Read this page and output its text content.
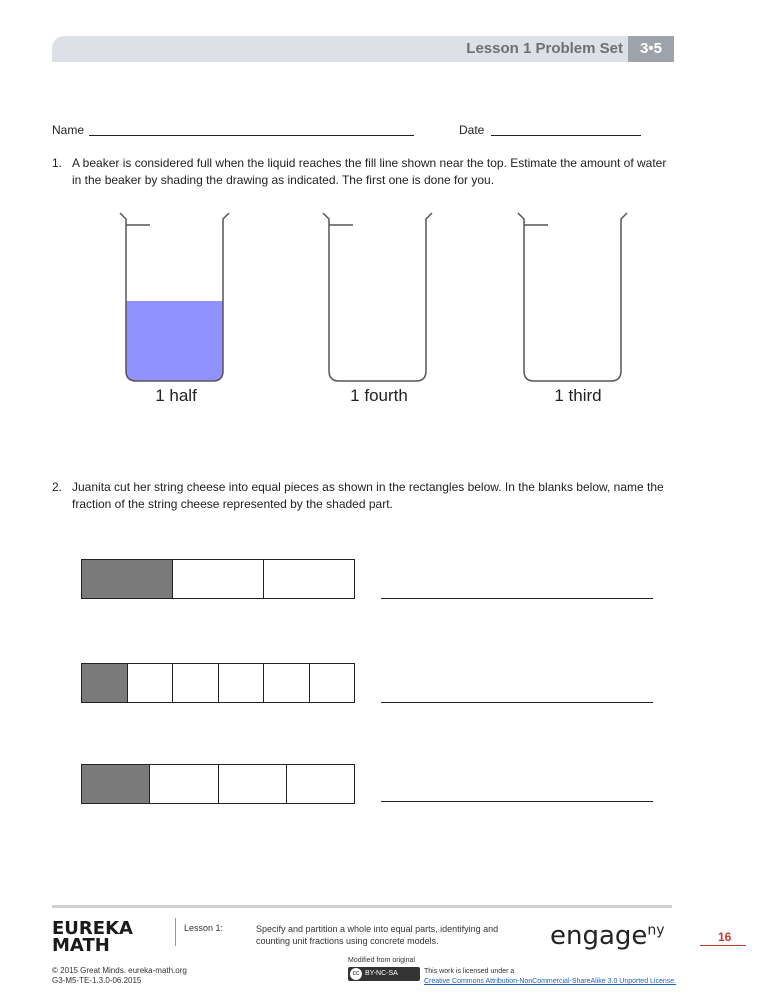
Lesson 1 Problem Set	3•5
Name	Date
1. A beaker is considered full when the liquid reaches the fill line shown near the top. Estimate the amount of water in the beaker by shading the drawing as indicated. The first one is done for you.
1 half	1 fourth	1 third
2. Juanita cut her string cheese into equal pieces as shown in the rectangles below. In the blanks below, name the fraction of the string cheese represented by the shaded part.
EUREKA
MATH
Lesson 1:	Specify and partition a whole into equal parts, identifying and
counting unit fractions using concrete models.	engage$^{ny}$	16
© 2015 Great Minds. eureka-math.org
G3-M5-TE-1.3.0-06.2015
Modified from original
cc BY-NC-SA	This work is licensed under a
Creative Commons Attribution-NonCommercial-ShareAlike 3.0 Unported License.
